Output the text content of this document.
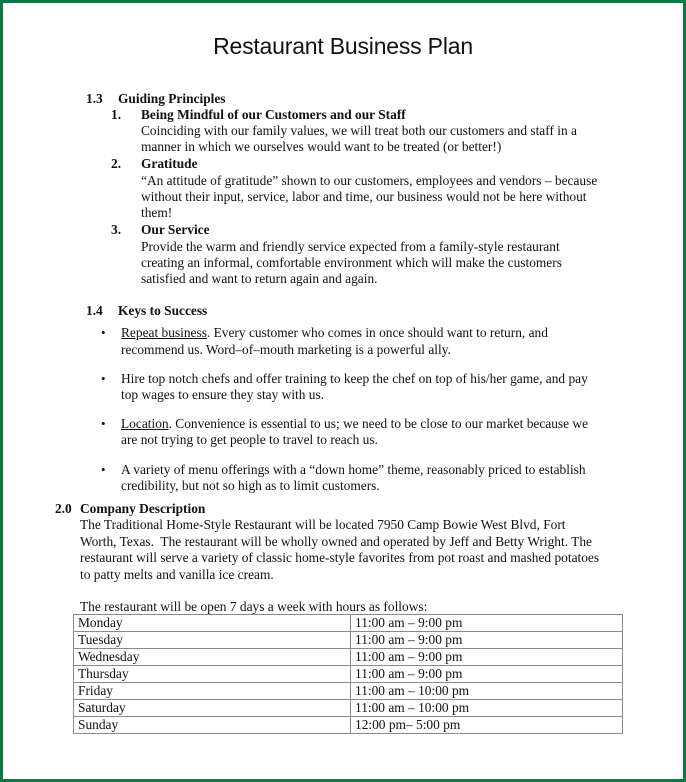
Restaurant Business Plan
1.3 Guiding Principles
1. Being Mindful of our Customers and our Staff
Coinciding with our family values, we will treat both our customers and staff in a
manner in which we ourselves would want to be treated (or better!)
2. Gratitude
“An attitude of gratitude” shown to our customers, employees and vendors – because
without their input, service, labor and time, our business would not be here without
them!
3. Our Service
Provide the warm and friendly service expected from a family-style restaurant
creating an informal, comfortable environment which will make the customers
satisfied and want to return again and again.
1.4 Keys to Success
• Repeat business. Every customer who comes in once should want to return, and
recommend us. Word–of–mouth marketing is a powerful ally.
• Hire top notch chefs and offer training to keep the chef on top of his/her game, and pay
top wages to ensure they stay with us.
• Location. Convenience is essential to us; we need to be close to our market because we
are not trying to get people to travel to reach us.
• A variety of menu offerings with a “down home” theme, reasonably priced to establish
credibility, but not so high as to limit customers.
2.0 Company Description
The Traditional Home-Style Restaurant will be located 7950 Camp Bowie West Blvd, Fort
Worth, Texas.  The restaurant will be wholly owned and operated by Jeff and Betty Wright. The
restaurant will serve a variety of classic home-style favorites from pot roast and mashed potatoes
to patty melts and vanilla ice cream.
The restaurant will be open 7 days a week with hours as follows:
Monday	11:00 am – 9:00 pm
Tuesday	11:00 am – 9:00 pm
Wednesday	11:00 am – 9:00 pm
Thursday	11:00 am – 9:00 pm
Friday	11:00 am – 10:00 pm
Saturday	11:00 am – 10:00 pm
Sunday	12:00 pm– 5:00 pm
